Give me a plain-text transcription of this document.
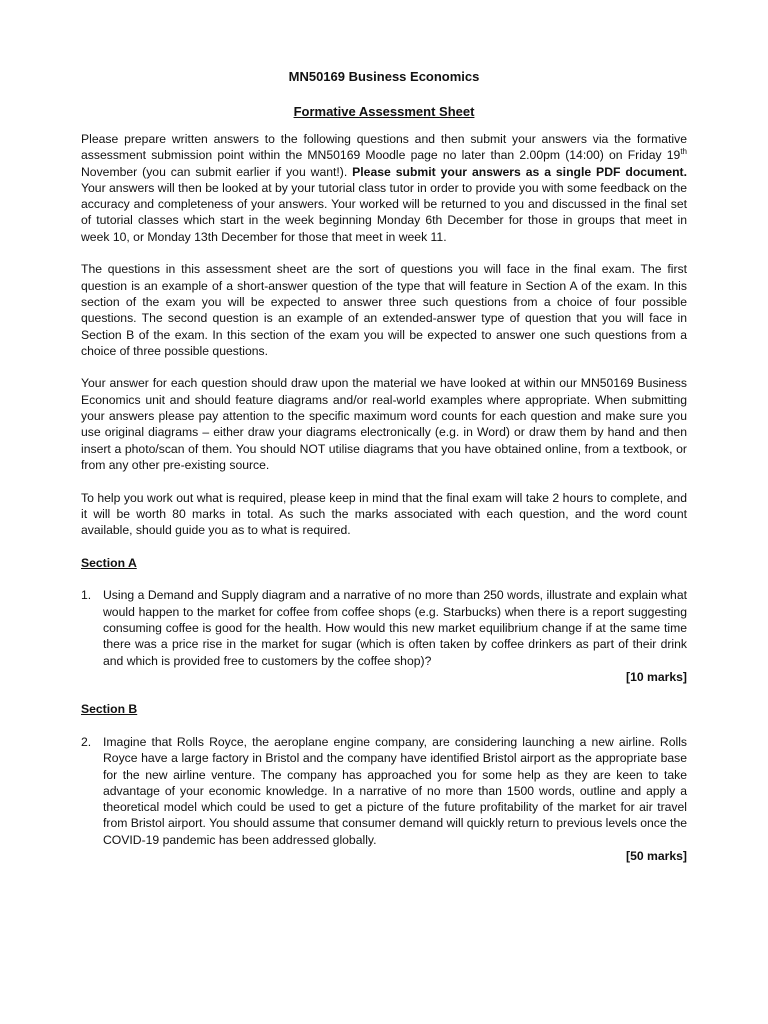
MN50169 Business Economics
Formative Assessment Sheet

Please prepare written answers to the following questions and then submit your answers via the formative assessment submission point within the MN50169 Moodle page no later than 2.00pm (14:00) on Friday 19th November (you can submit earlier if you want!). Please submit your answers as a single PDF document. Your answers will then be looked at by your tutorial class tutor in order to provide you with some feedback on the accuracy and completeness of your answers. Your worked will be returned to you and discussed in the final set of tutorial classes which start in the week beginning Monday 6th December for those in groups that meet in week 10, or Monday 13th December for those that meet in week 11.

The questions in this assessment sheet are the sort of questions you will face in the final exam. The first question is an example of a short-answer question of the type that will feature in Section A of the exam. In this section of the exam you will be expected to answer three such questions from a choice of four possible questions. The second question is an example of an extended-answer type of question that you will face in Section B of the exam. In this section of the exam you will be expected to answer one such questions from a choice of three possible questions.

Your answer for each question should draw upon the material we have looked at within our MN50169 Business Economics unit and should feature diagrams and/or real-world examples where appropriate. When submitting your answers please pay attention to the specific maximum word counts for each question and make sure you use original diagrams – either draw your diagrams electronically (e.g. in Word) or draw them by hand and then insert a photo/scan of them. You should NOT utilise diagrams that you have obtained online, from a textbook, or from any other pre-existing source.

To help you work out what is required, please keep in mind that the final exam will take 2 hours to complete, and it will be worth 80 marks in total. As such the marks associated with each question, and the word count available, should guide you as to what is required.

Section A
1. Using a Demand and Supply diagram and a narrative of no more than 250 words, illustrate and explain what would happen to the market for coffee from coffee shops (e.g. Starbucks) when there is a report suggesting consuming coffee is good for the health. How would this new market equilibrium change if at the same time there was a price rise in the market for sugar (which is often taken by coffee drinkers as part of their drink and which is provided free to customers by the coffee shop)?

[10 marks]

Section B
2. Imagine that Rolls Royce, the aeroplane engine company, are considering launching a new airline. Rolls Royce have a large factory in Bristol and the company have identified Bristol airport as the appropriate base for the new airline venture. The company has approached you for some help as they are keen to take advantage of your economic knowledge. In a narrative of no more than 1500 words, outline and apply a theoretical model which could be used to get a picture of the future profitability of the market for air travel from Bristol airport. You should assume that consumer demand will quickly return to previous levels once the COVID-19 pandemic has been addressed globally.

[50 marks]
